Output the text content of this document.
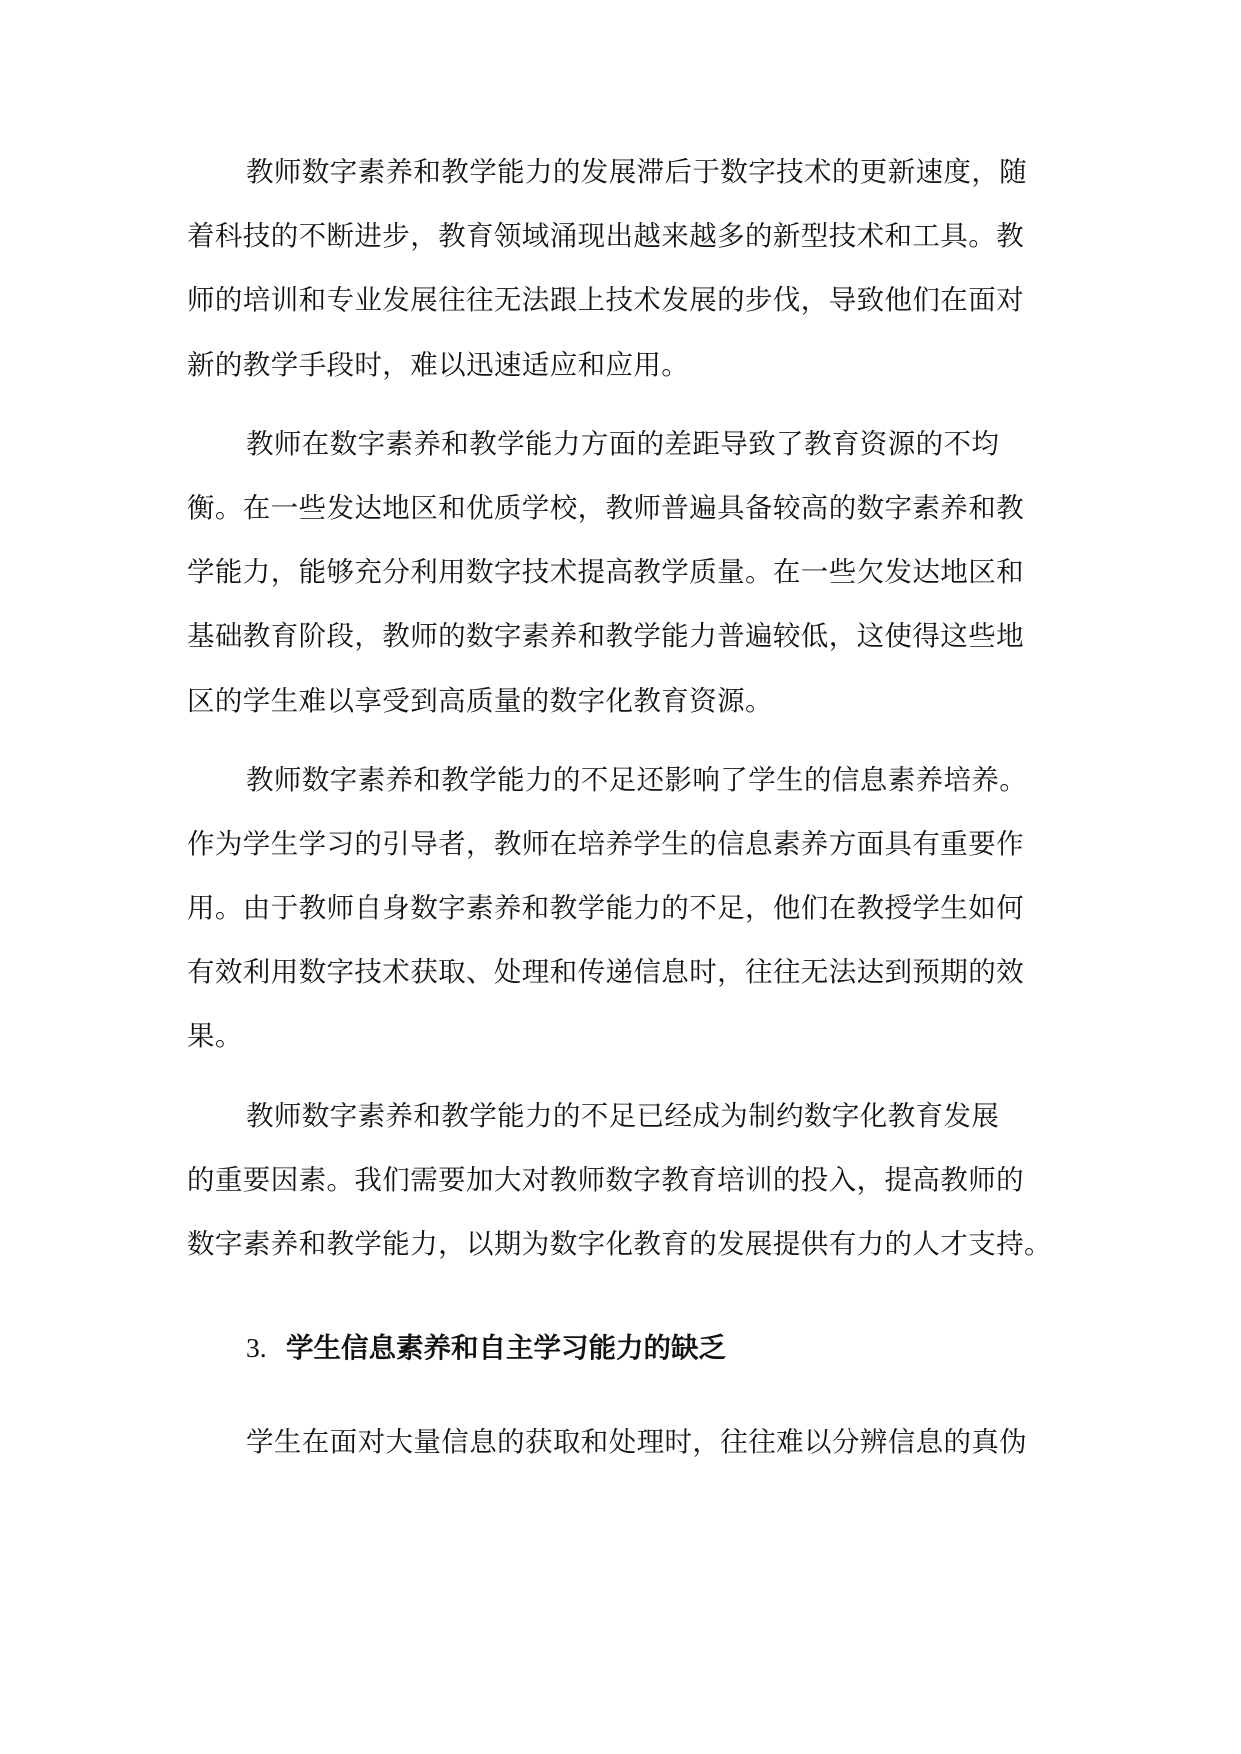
教师数字素养和教学能力的发展滞后于数字技术的更新速度，随
着科技的不断进步，教育领域涌现出越来越多的新型技术和工具。教
师的培训和专业发展往往无法跟上技术发展的步伐，导致他们在面对
新的教学手段时，难以迅速适应和应用。
教师在数字素养和教学能力方面的差距导致了教育资源的不均
衡。在一些发达地区和优质学校，教师普遍具备较高的数字素养和教
学能力，能够充分利用数字技术提高教学质量。在一些欠发达地区和
基础教育阶段，教师的数字素养和教学能力普遍较低，这使得这些地
区的学生难以享受到高质量的数字化教育资源。
教师数字素养和教学能力的不足还影响了学生的信息素养培养。
作为学生学习的引导者，教师在培养学生的信息素养方面具有重要作
用。由于教师自身数字素养和教学能力的不足，他们在教授学生如何
有效利用数字技术获取、处理和传递信息时，往往无法达到预期的效
果。
教师数字素养和教学能力的不足已经成为制约数字化教育发展
的重要因素。我们需要加大对教师数字教育培训的投入，提高教师的
数字素养和教学能力，以期为数字化教育的发展提供有力的人才支持。
3. 学生信息素养和自主学习能力的缺乏
学生在面对大量信息的获取和处理时，往往难以分辨信息的真伪
